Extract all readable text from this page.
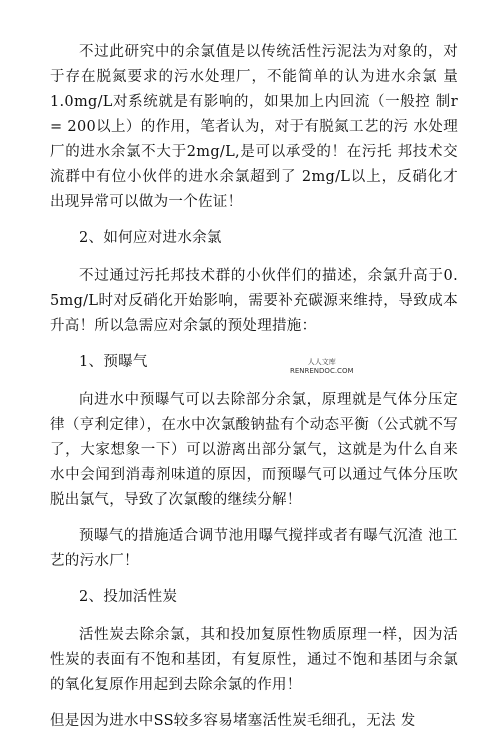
不过此研究中的余氯值是以传统活性污泥法为对象的，对于存在脱氮要求的污水处理厂，不能简单的认为进水余氯 量 1.0mg/L对系统就是有影响的，如果加上内回流（一般控 制r = 200以上）的作用，笔者认为，对于有脱氮工艺的污 水处理厂的进水余氯不大于2mg/L,是可以承受的！在污托 邦技术交流群中有位小伙伴的进水余氯超到了 2mg/L以上，反硝化才出现异常可以做为一个佐证！

2、如何应对进水余氯

不过通过污托邦技术群的小伙伴们的描述，余氯升高于0. 5mg/L时对反硝化开始影响，需要补充碳源来维持，导致成本升高！所以急需应对余氯的预处理措施：

1、预曝气

向进水中预曝气可以去除部分余氯，原理就是气体分压定律（亨利定律），在水中次氯酸钠盐有个动态平衡（公式就不写了，大家想象一下）可以游离出部分氯气，这就是为什么自来水中会闻到消毒剂味道的原因，而预曝气可以通过气体分压吹脱出氯气，导致了次氯酸的继续分解！

预曝气的措施适合调节池用曝气搅拌或者有曝气沉渣 池工艺的污水厂！

2、投加活性炭

活性炭去除余氯，其和投加复原性物质原理一样，因为活性炭的表面有不饱和基团，有复原性，通过不饱和基团与余氯的氧化复原作用起到去除余氯的作用！

但是因为进水中SS较多容易堵塞活性炭毛细孔，无法 发

人人文库
RENRENDOC.COM
